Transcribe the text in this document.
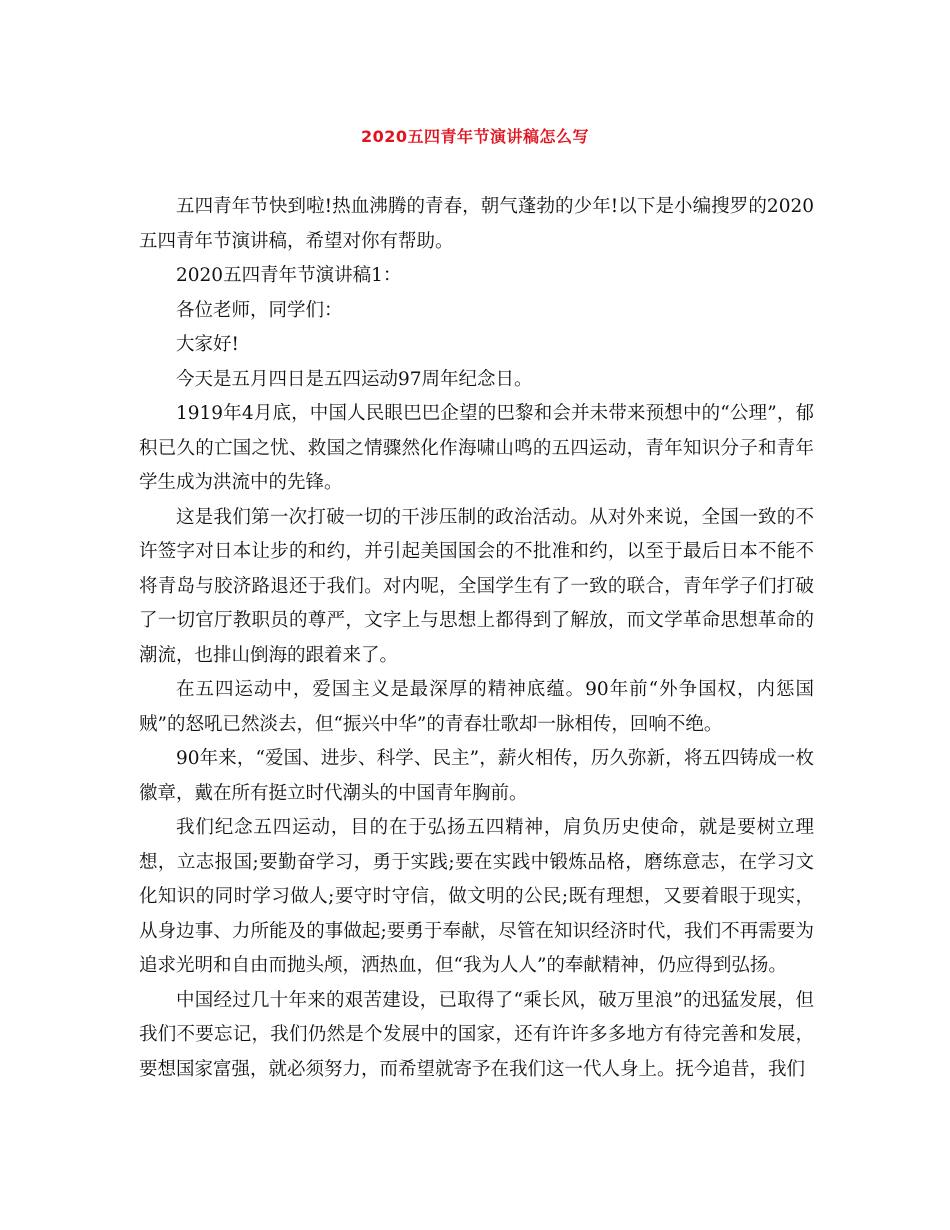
2020五四青年节演讲稿怎么写

五四青年节快到啦!热血沸腾的青春，朝气蓬勃的少年!以下是小编搜罗的2020五四青年节演讲稿，希望对你有帮助。

2020五四青年节演讲稿1：

各位老师，同学们：

大家好!

今天是五月四日是五四运动97周年纪念日。

1919年4月底，中国人民眼巴巴企望的巴黎和会并未带来预想中的“公理”，郁积已久的亡国之忧、救国之情骤然化作海啸山鸣的五四运动，青年知识分子和青年学生成为洪流中的先锋。

这是我们第一次打破一切的干涉压制的政治活动。从对外来说，全国一致的不许签字对日本让步的和约，并引起美国国会的不批准和约，以至于最后日本不能不将青岛与胶济路退还于我们。对内呢，全国学生有了一致的联合，青年学子们打破了一切官厅教职员的尊严，文字上与思想上都得到了解放，而文学革命思想革命的潮流，也排山倒海的跟着来了。

在五四运动中，爱国主义是最深厚的精神底蕴。90年前“外争国权，内惩国贼”的怒吼已然淡去，但“振兴中华”的青春壮歌却一脉相传，回响不绝。

90年来，“爱国、进步、科学、民主”，薪火相传，历久弥新，将五四铸成一枚徽章，戴在所有挺立时代潮头的中国青年胸前。

我们纪念五四运动，目的在于弘扬五四精神，肩负历史使命，就是要树立理想，立志报国;要勤奋学习，勇于实践;要在实践中锻炼品格，磨练意志，在学习文化知识的同时学习做人;要守时守信，做文明的公民;既有理想，又要着眼于现实，从身边事、力所能及的事做起;要勇于奉献，尽管在知识经济时代，我们不再需要为追求光明和自由而抛头颅，洒热血，但“我为人人”的奉献精神，仍应得到弘扬。

中国经过几十年来的艰苦建设，已取得了“乘长风，破万里浪”的迅猛发展，但我们不要忘记，我们仍然是个发展中的国家，还有许许多多地方有待完善和发展，要想国家富强，就必须努力，而希望就寄予在我们这一代人身上。抚今追昔，我们
